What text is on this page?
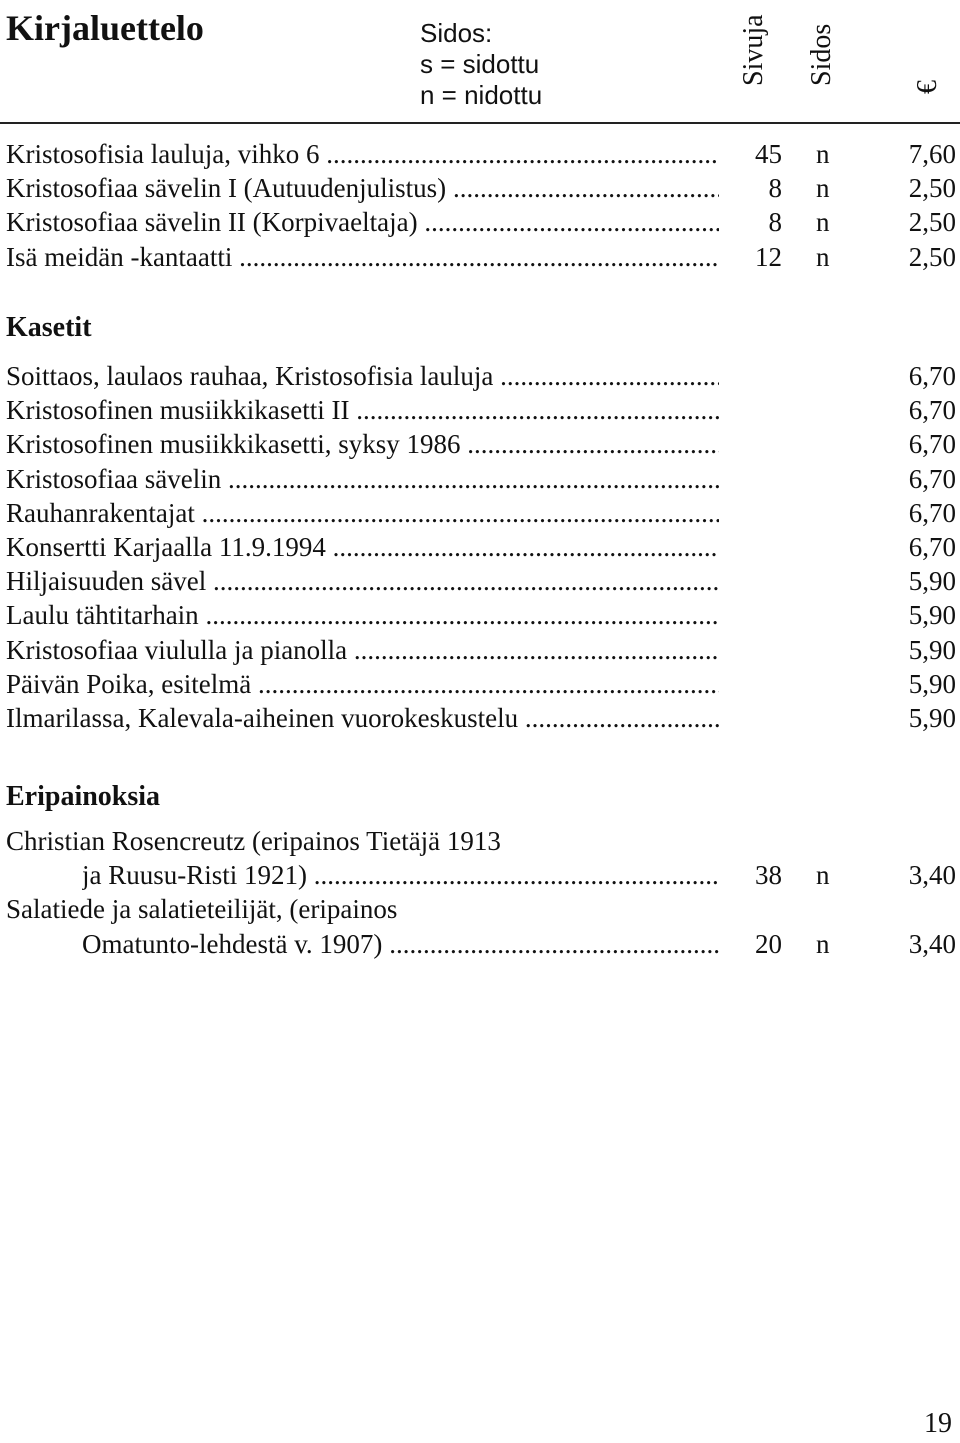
Kirjaluettelo	Sidos:
s = sidottu
n = nidottu
Sivuja Sidos
€
Kristosofisia lauluja, vihko 6 .....	45 n	7,60
Kristosofiaa sävelin I (Autuudenjulistus) .....	8 n	2,50
Kristosofiaa sävelin II (Korpivaeltaja) .....	8 n	2,50
Isä meidän -kantaatti .....	12 n	2,50
Kasetit
Soittaos, laulaos rauhaa, Kristosofisia lauluja .....	6,70
Kristosofinen musiikkikasetti II .....	6,70
Kristosofinen musiikkikasetti, syksy 1986 .....	6,70
Kristosofiaa sävelin .....	6,70
Rauhanrakentajat .....	6,70
Konsertti Karjaalla 11.9.1994 .....	6,70
Hiljaisuuden sävel .....	5,90
Laulu tähtitarhain .....	5,90
Kristosofiaa viululla ja pianolla .....	5,90
Päivän Poika, esitelmä .....	5,90
Ilmarilassa, Kalevala-aiheinen vuorokeskustelu .....	5,90
Eripainoksia
Christian Rosencreutz (eripainos Tietäjä 1913
ja Ruusu-Risti 1921) .....	38 n	3,40
Salatiede ja salatieteilijät, (eripainos
Omatunto-lehdestä v. 1907) .....	20 n	3,40
19
